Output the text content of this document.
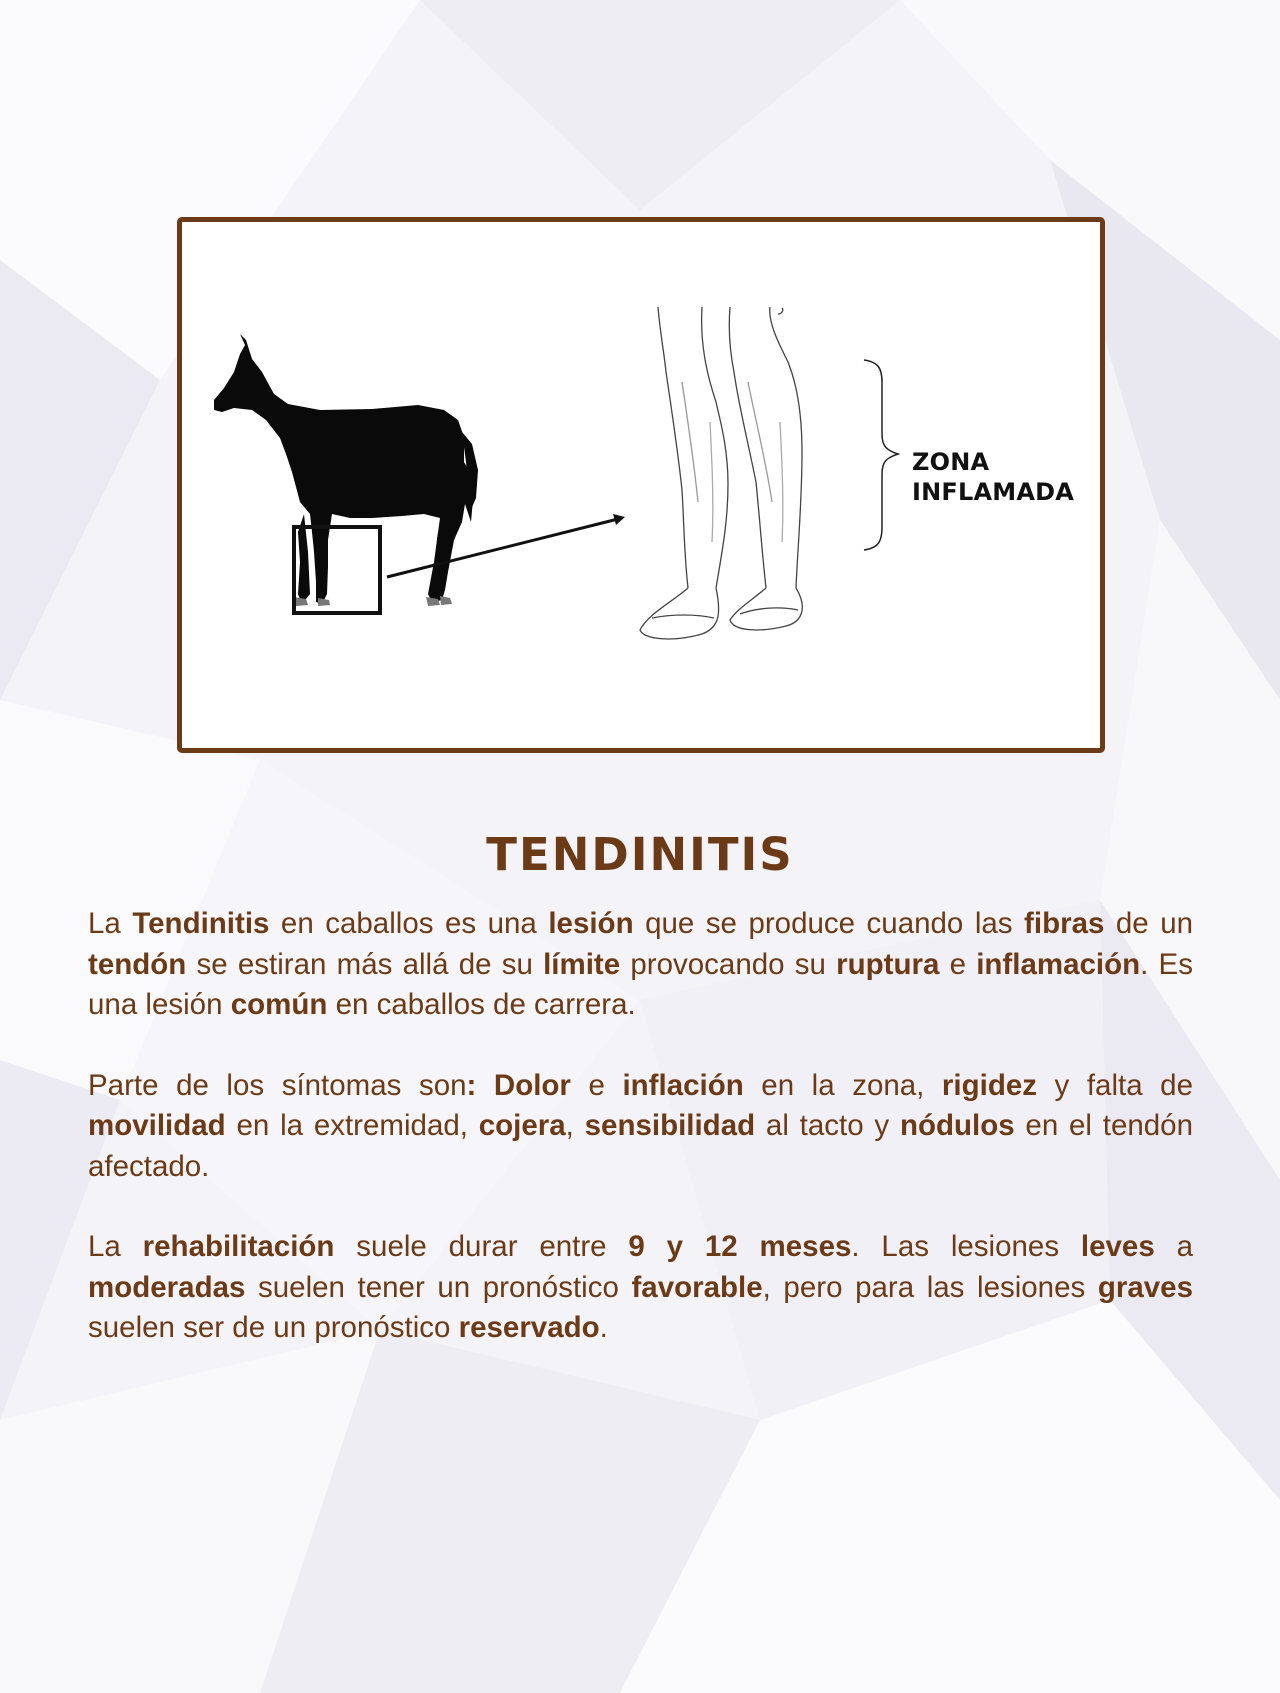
ZONA
INFLAMADA
TENDINITIS

La Tendinitis en caballos es una lesión que se produce cuando las fibras de un tendón se estiran más allá de su límite provocando su ruptura e inflamación. Es una lesión común en caballos de carrera.

Parte de los síntomas son: Dolor e inflación en la zona, rigidez y falta de movilidad en la extremidad, cojera, sensibilidad al tacto y nódulos en el tendón afectado.

La rehabilitación suele durar entre 9 y 12 meses. Las lesiones leves a moderadas suelen tener un pronóstico favorable, pero para las lesiones graves suelen ser de un pronóstico reservado.
